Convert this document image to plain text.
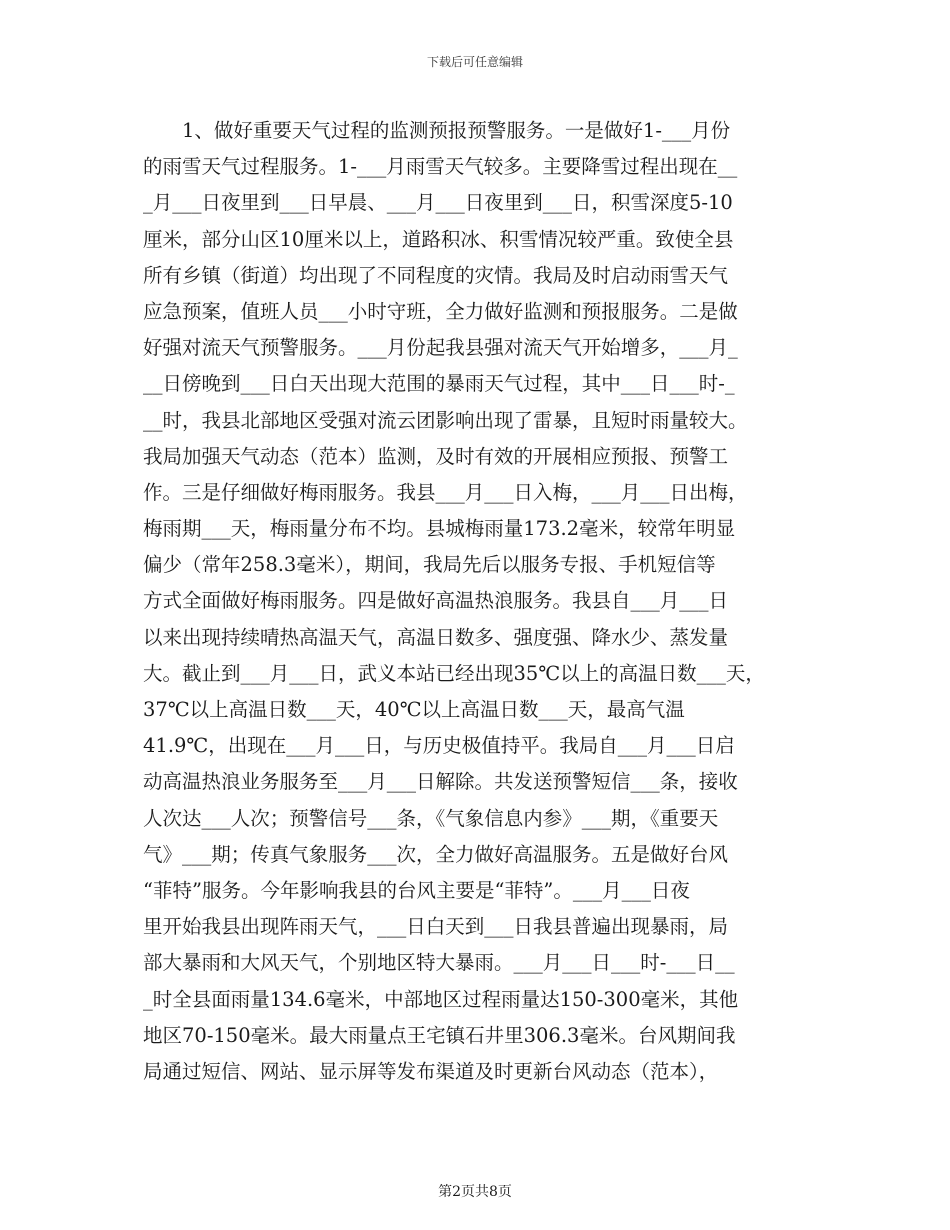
下载后可任意编辑
　　1、做好重要天气过程的监测预报预警服务。一是做好1-___月份
的雨雪天气过程服务。1-___月雨雪天气较多。主要降雪过程出现在__
_月___日夜里到___日早晨、___月___日夜里到___日，积雪深度5-10
厘米，部分山区10厘米以上，道路积冰、积雪情况较严重。致使全县
所有乡镇（街道）均出现了不同程度的灾情。我局及时启动雨雪天气
应急预案，值班人员___小时守班，全力做好监测和预报服务。二是做
好强对流天气预警服务。___月份起我县强对流天气开始增多，___月_
__日傍晚到___日白天出现大范围的暴雨天气过程，其中___日___时-_
__时，我县北部地区受强对流云团影响出现了雷暴，且短时雨量较大。
我局加强天气动态（范本）监测，及时有效的开展相应预报、预警工
作。三是仔细做好梅雨服务。我县___月___日入梅，___月___日出梅，
梅雨期___天，梅雨量分布不均。县城梅雨量173.2毫米，较常年明显
偏少（常年258.3毫米），期间，我局先后以服务专报、手机短信等
方式全面做好梅雨服务。四是做好高温热浪服务。我县自___月___日
以来出现持续晴热高温天气，高温日数多、强度强、降水少、蒸发量
大。截止到___月___日，武义本站已经出现35℃以上的高温日数___天，
37℃以上高温日数___天，40℃以上高温日数___天，最高气温
41.9℃，出现在___月___日，与历史极值持平。我局自___月___日启
动高温热浪业务服务至___月___日解除。共发送预警短信___条，接收
人次达___人次；预警信号___条，《气象信息内参》___期，《重要天
气》___期；传真气象服务___次，全力做好高温服务。五是做好台风
“菲特”服务。今年影响我县的台风主要是“菲特”。___月___日夜
里开始我县出现阵雨天气，___日白天到___日我县普遍出现暴雨，局
部大暴雨和大风天气，个别地区特大暴雨。___月___日___时-___日__
_时全县面雨量134.6毫米，中部地区过程雨量达150-300毫米，其他
地区70-150毫米。最大雨量点王宅镇石井里306.3毫米。台风期间我
局通过短信、网站、显示屏等发布渠道及时更新台风动态（范本），
第2页共8页
